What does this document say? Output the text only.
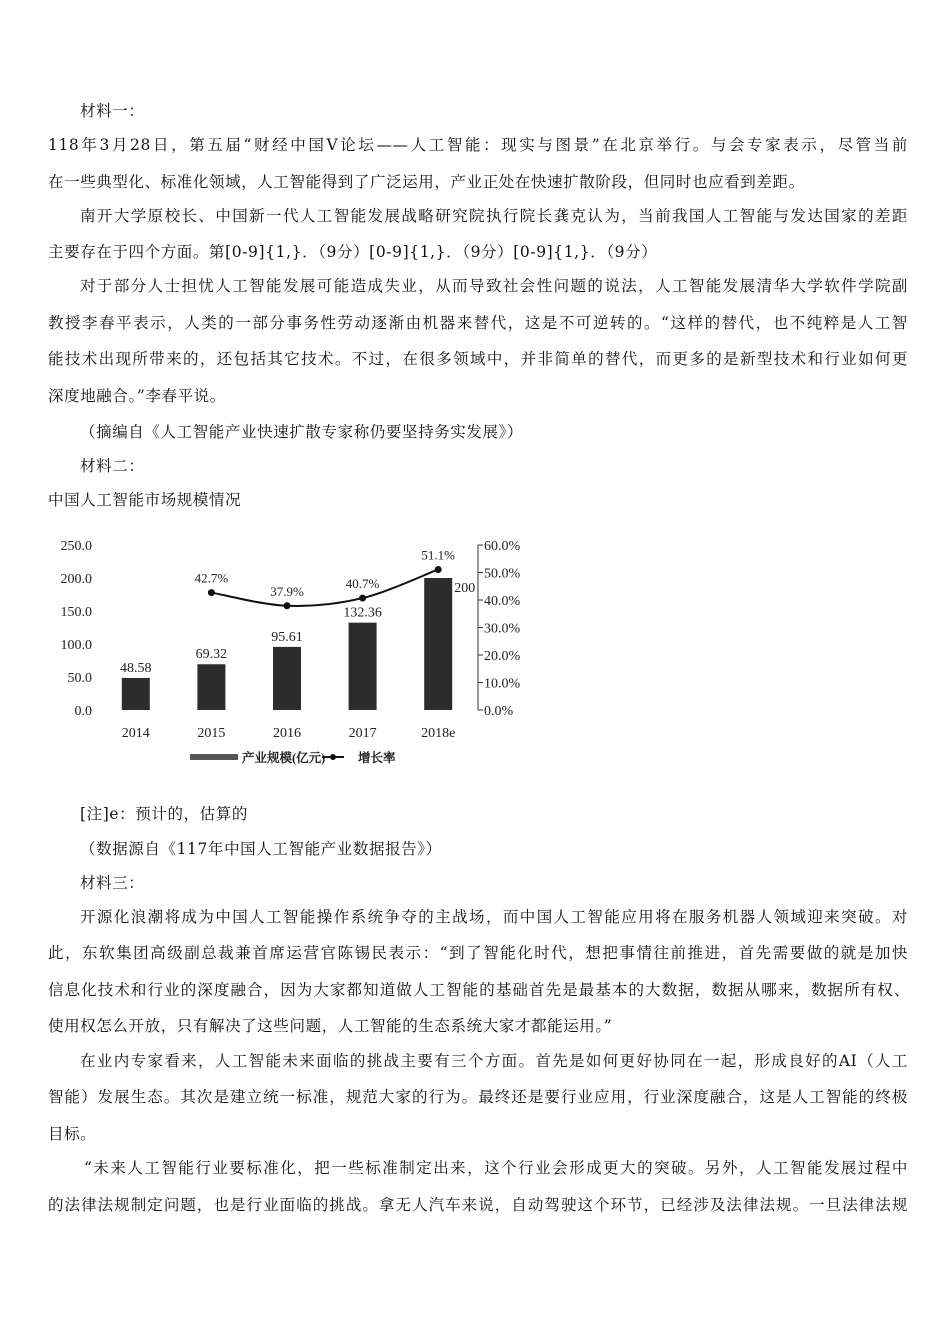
材料一：
118年3月28日，第五届“财经中国V论坛——人工智能：现实与图景”在北京举行。与会专家表示，尽管当前
在一些典型化、标准化领域，人工智能得到了广泛运用，产业正处在快速扩散阶段，但同时也应看到差距。
南开大学原校长、中国新一代人工智能发展战略研究院执行院长龚克认为，当前我国人工智能与发达国家的差距
主要存在于四个方面。第[0-9]{1,}．（9分）[0-9]{1,}．（9分）[0-9]{1,}．（9分）
对于部分人士担忧人工智能发展可能造成失业，从而导致社会性问题的说法，人工智能发展清华大学软件学院副
教授李春平表示，人类的一部分事务性劳动逐渐由机器来替代，这是不可逆转的。“这样的替代，也不纯粹是人工智
能技术出现所带来的，还包括其它技术。不过，在很多领域中，并非简单的替代，而更多的是新型技术和行业如何更
深度地融合。”李春平说。
（摘编自《人工智能产业快速扩散专家称仍要坚持务实发展》）
材料二：
中国人工智能市场规模情况
0.0
50.0
100.0
150.0
200.0
250.0
0.0%
10.0%
20.0%
30.0%
40.0%
50.0%
60.0%
48.58
2014
69.32
2015
95.61
2016
132.36
2017
200
2018e
42.7%
37.9%
40.7%
51.1%
产业规模(亿元)	增长率
[注]e：预计的，估算的
（数据源自《117年中国人工智能产业数据报告》）
材料三：
开源化浪潮将成为中国人工智能操作系统争夺的主战场，而中国人工智能应用将在服务机器人领域迎来突破。对
此，东软集团高级副总裁兼首席运营官陈锡民表示：“到了智能化时代，想把事情往前推进，首先需要做的就是加快
信息化技术和行业的深度融合，因为大家都知道做人工智能的基础首先是最基本的大数据，数据从哪来，数据所有权、
使用权怎么开放，只有解决了这些问题，人工智能的生态系统大家才都能运用。”
在业内专家看来，人工智能未来面临的挑战主要有三个方面。首先是如何更好协同在一起，形成良好的AI（人工
智能）发展生态。其次是建立统一标准，规范大家的行为。最终还是要行业应用，行业深度融合，这是人工智能的终极
目标。
“未来人工智能行业要标准化，把一些标准制定出来，这个行业会形成更大的突破。另外，人工智能发展过程中
的法律法规制定问题，也是行业面临的挑战。拿无人汽车来说，自动驾驶这个环节，已经涉及法律法规。一旦法律法规
